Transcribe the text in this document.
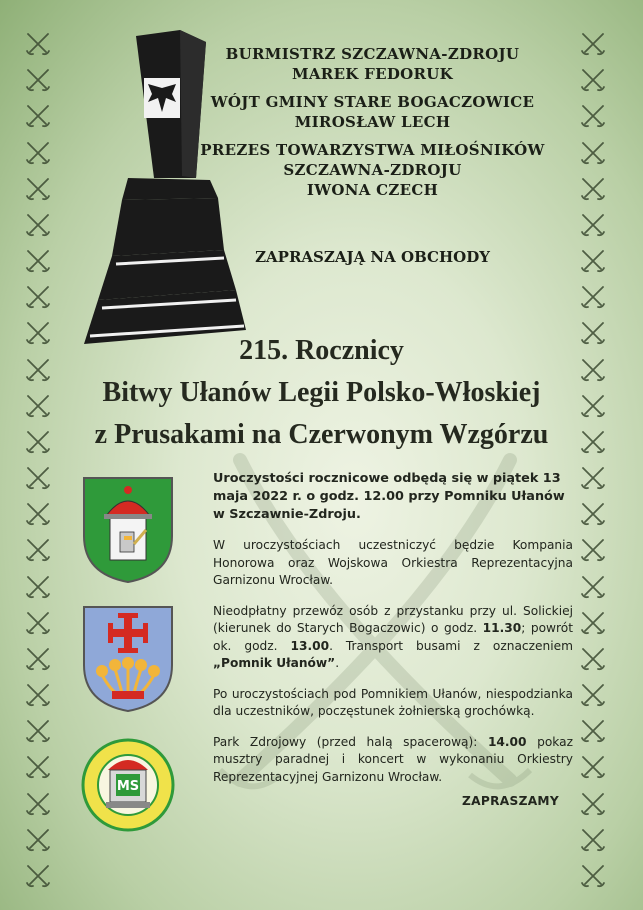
BURMISTRZ SZCZAWNA-ZDROJU
MAREK FEDORUK
WÓJT GMINY STARE BOGACZOWICE
MIROSŁAW LECH
PREZES TOWARZYSTWA MIŁOŚNIKÓW
SZCZAWNA-ZDROJU
IWONA CZECH
ZAPRASZAJĄ NA OBCHODY
215. Rocznicy
Bitwy Ułanów Legii Polsko-Włoskiej
z Prusakami na Czerwonym Wzgórzu
MS

Uroczystości rocznicowe odbędą się w piątek 13 maja 2022 r. o godz. 12.00 przy Pomniku Ułanów w Szczawnie-Zdroju.

W uroczystościach uczestniczyć będzie Kompania Honorowa oraz Wojskowa Orkiestra Reprezentacyjna Garnizonu Wrocław.

Nieodpłatny przewóz osób z przystanku przy ul. Solickiej (kierunek do Starych Bogaczowic) o godz. 11.30; powrót ok. godz. 13.00. Transport busami z oznaczeniem „Pomnik Ułanów”.

Po uroczystościach pod Pomnikiem Ułanów, niespodzianka dla uczestników, poczęstunek żołnierską grochówką.

Park Zdrojowy (przed halą spacerową): 14.00 pokaz musztry paradnej i koncert w wykonaniu Orkiestry Reprezentacyjnej Garnizonu Wrocław.

ZAPRASZAMY
